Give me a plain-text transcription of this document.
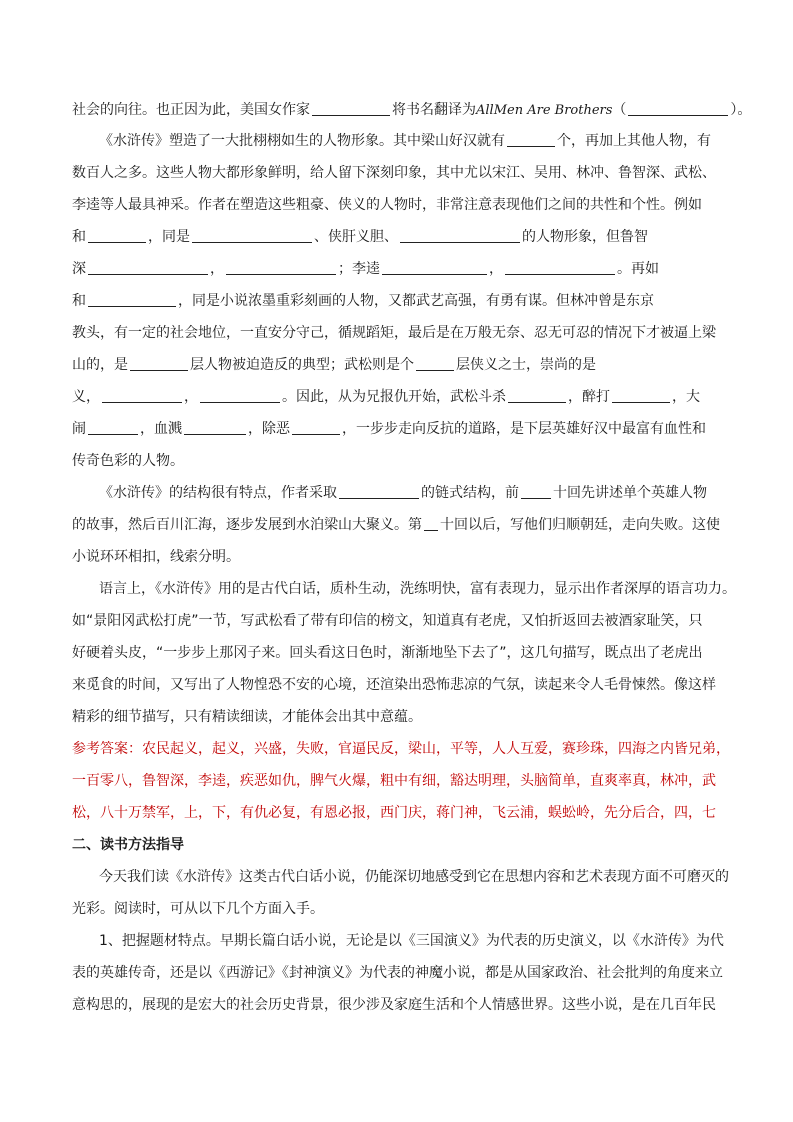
社会的向往。也正因为此，美国女作家	将书名翻译为AllMen Are Brothers（	）。
《水浒传》塑造了一大批栩栩如生的人物形象。其中梁山好汉就有	个，再加上其他人物，有
数百人之多。这些人物大都形象鲜明，给人留下深刻印象，其中尤以宋江、吴用、林冲、鲁智深、武松、
李逵等人最具神采。作者在塑造这些粗豪、侠义的人物时，非常注意表现他们之间的共性和个性。例如
和	，同是	、侠肝义胆、	的人物形象，但鲁智
深	，	；李逵	，	。再如
和	，同是小说浓墨重彩刻画的人物，又都武艺高强，有勇有谋。但林冲曾是东京
教头，有一定的社会地位，一直安分守己，循规蹈矩，最后是在万般无奈、忍无可忍的情况下才被逼上梁
山的，是	层人物被迫造反的典型；武松则是个	层侠义之士，崇尚的是
义，	，	。因此，从为兄报仇开始，武松斗杀	，醉打	，大
闹	，血溅	，除恶	，一步步走向反抗的道路，是下层英雄好汉中最富有血性和
传奇色彩的人物。
《水浒传》的结构很有特点，作者采取	的链式结构，前 十回先讲述单个英雄人物
的故事，然后百川汇海，逐步发展到水泊梁山大聚义。第 十回以后，写他们归顺朝廷，走向失败。这使
小说环环相扣，线索分明。
语言上，《水浒传》用的是古代白话，质朴生动，洗练明快，富有表现力，显示出作者深厚的语言功力。
如“景阳冈武松打虎”一节，写武松看了带有印信的榜文，知道真有老虎，又怕折返回去被酒家耻笑，只
好硬着头皮，“一步步上那冈子来。回头看这日色时，渐渐地坠下去了”，这几句描写，既点出了老虎出
来觅食的时间，又写出了人物惶恐不安的心境，还渲染出恐怖悲凉的气氛，读起来令人毛骨悚然。像这样
精彩的细节描写，只有精读细读，才能体会出其中意蕴。
参考答案：农民起义，起义，兴盛，失败，官逼民反，梁山，平等，人人互爱，赛珍珠，四海之内皆兄弟，
一百零八，鲁智深，李逵，疾恶如仇，脾气火爆，粗中有细，豁达明理，头脑简单，直爽率真，林冲，武
松，八十万禁军，上，下，有仇必复，有恩必报，西门庆，蒋门神，飞云浦，蜈蚣岭，先分后合，四，七
二、读书方法指导
今天我们读《水浒传》这类古代白话小说，仍能深切地感受到它在思想内容和艺术表现方面不可磨灭的
光彩。阅读时，可从以下几个方面入手。
1、把握题材特点。早期长篇白话小说，无论是以《三国演义》为代表的历史演义，以《水浒传》为代
表的英雄传奇，还是以《西游记》《封神演义》为代表的神魔小说，都是从国家政治、社会批判的角度来立
意构思的，展现的是宏大的社会历史背景，很少涉及家庭生活和个人情感世界。这些小说，是在几百年民
